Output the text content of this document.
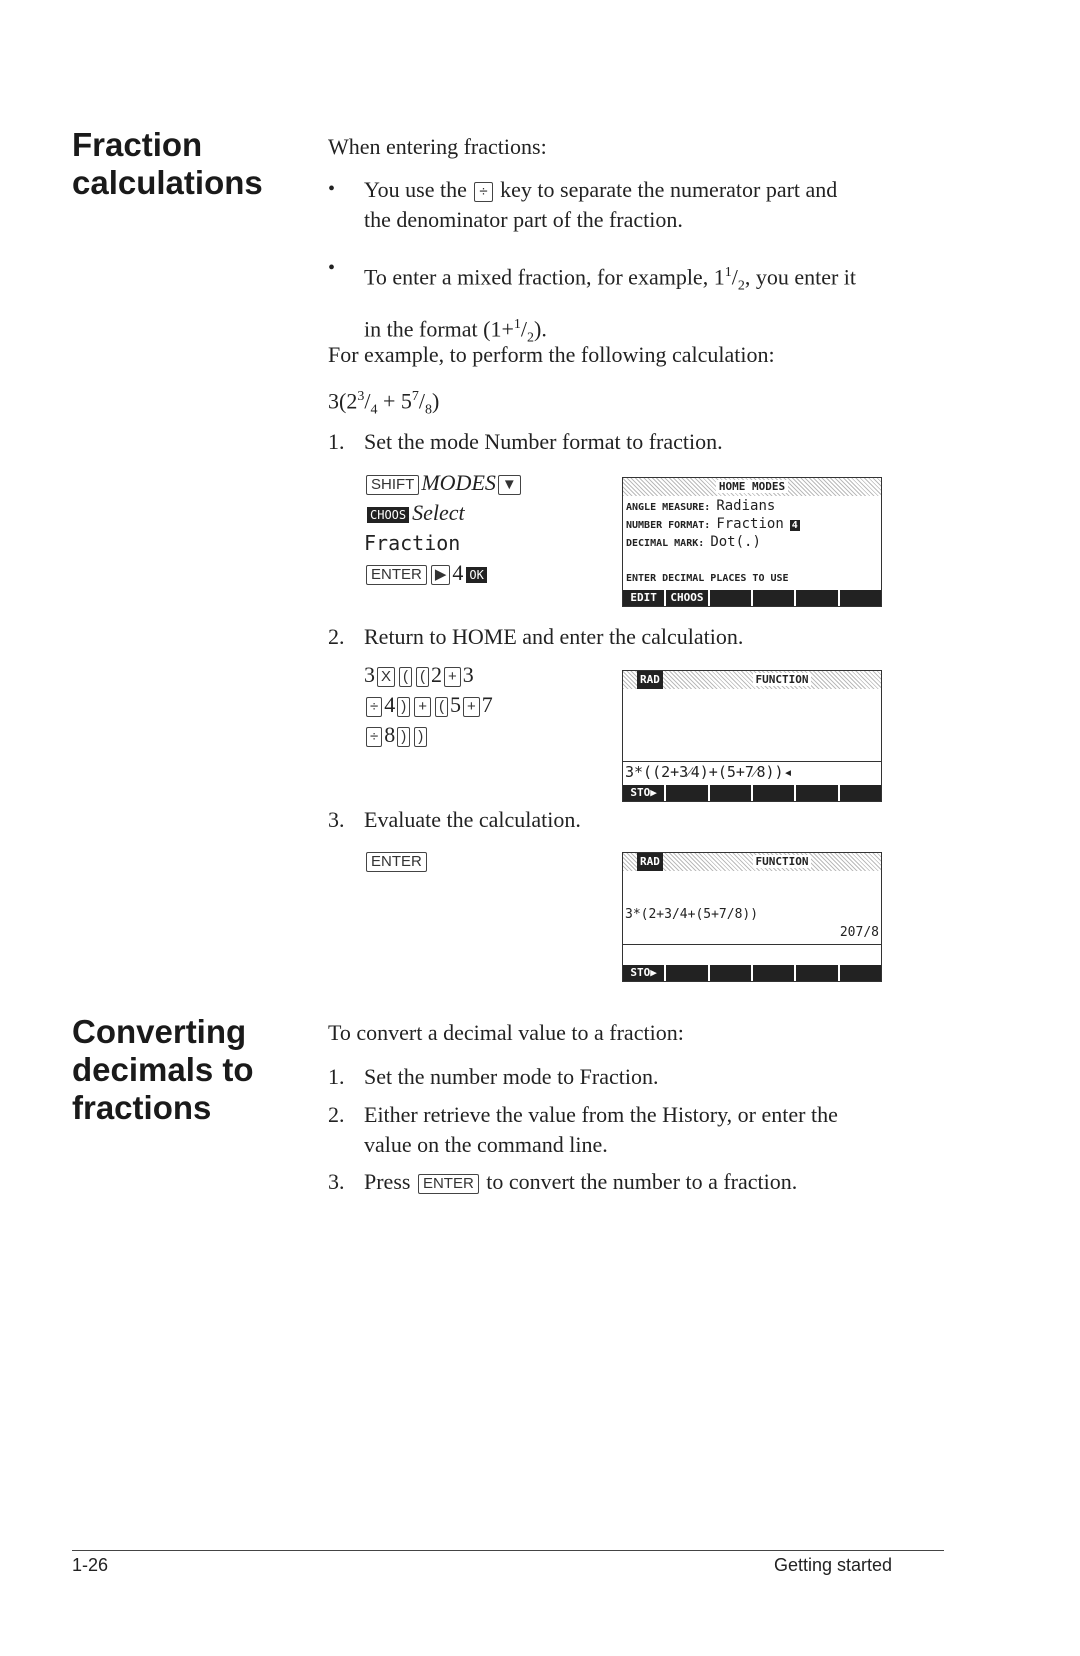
Fraction
calculations
Converting
decimals to
fractions
When entering fractions:
• You use the ÷ key to separate the numerator part and
the denominator part of the fraction.
• To enter a mixed fraction, for example, $1^1/_2$, you enter it
in the format $(1+^1/_2)$.
For example, to perform the following calculation:
$3(2^3/_4 + 5^7/_8)$
1. Set the mode Number format to fraction.
SHIFT MODES ▼
CHOOS Select
Fraction
ENTER ▶ 4 OK
HOME MODES
ANGLE MEASURE: Radians
NUMBER FORMAT: Fraction 4
DECIMAL MARK: Dot(.)
ENTER DECIMAL PLACES TO USE
EDIT	CHOOS
2. Return to HOME and enter the calculation.
3 X ( ( 2 + 3
÷ 4 ) + ( 5 + 7
÷ 8 ) )
RAD	FUNCTION
3*((2+3⁄4)+(5+7⁄8))◂
STO▶
3. Evaluate the calculation.
ENTER	RAD	FUNCTION
3*(2+3/4+(5+7/8))
207/8
STO▶
To convert a decimal value to a fraction:
1. Set the number mode to Fraction.
2. Either retrieve the value from the History, or enter the
value on the command line.
3. Press ENTER to convert the number to a fraction.
1-26	Getting started
